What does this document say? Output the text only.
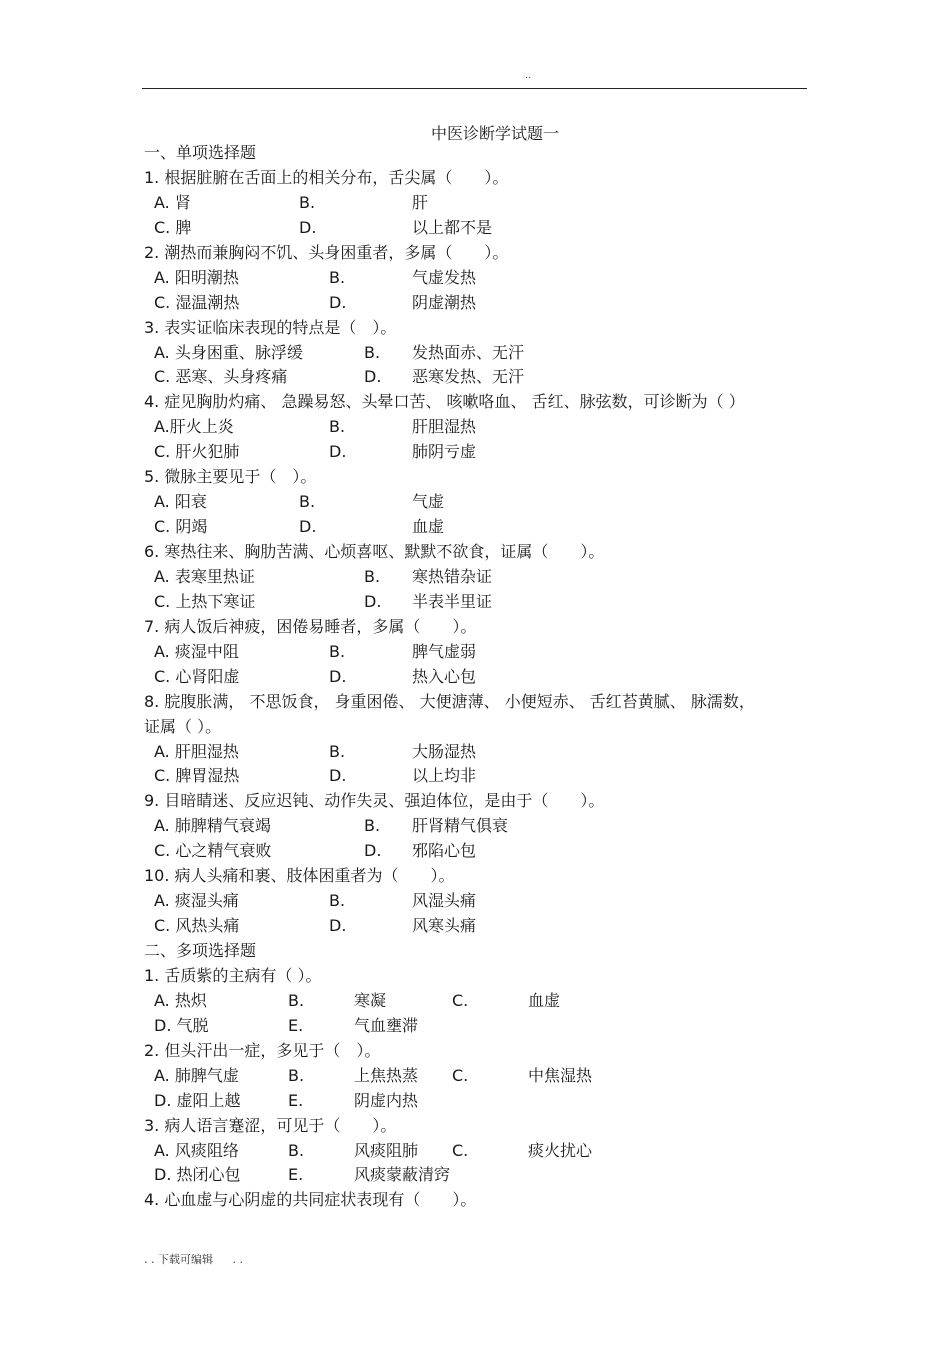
..
中医诊断学试题一
一、单项选择题
1. 根据脏腑在舌面上的相关分布，舌尖属（　　）。
A. 肾	B.	肝
C. 脾	D.	以上都不是
2. 潮热而兼胸闷不饥、头身困重者，多属（　　）。
A. 阳明潮热	B.	气虚发热
C. 湿温潮热	D.	阴虚潮热
3. 表实证临床表现的特点是（　）。
A. 头身困重、脉浮缓	B. 发热面赤、无汗
C. 恶寒、头身疼痛	D. 恶寒发热、无汗
4. 症见胸肋灼痛、 急躁易怒、头晕口苦、 咳嗽咯血、 舌红、脉弦数，可诊断为（ ）
A.肝火上炎	B.	肝胆湿热
C. 肝火犯肺	D.	肺阴亏虚
5. 微脉主要见于（　）。
A. 阳衰	B.	气虚
C. 阴竭	D.	血虚
6. 寒热往来、胸肋苦满、心烦喜呕、默默不欲食，证属（　　）。
A. 表寒里热证	B. 寒热错杂证
C. 上热下寒证	D. 半表半里证
7. 病人饭后神疲，困倦易睡者，多属（　　）。
A. 痰湿中阻	B.	脾气虚弱
C. 心肾阳虚	D.	热入心包
8. 脘腹胀满， 不思饭食， 身重困倦、 大便溏薄、 小便短赤、 舌红苔黄腻、 脉濡数，
证属（ ）。
A. 肝胆湿热	B.	大肠湿热
C. 脾胃湿热	D.	以上均非
9. 目暗睛迷、反应迟钝、动作失灵、强迫体位，是由于（　　）。
A. 肺脾精气衰竭	B. 肝肾精气俱衰
C. 心之精气衰败	D. 邪陷心包
10. 病人头痛和裹、肢体困重者为（　　）。
A. 痰湿头痛	B.	风湿头痛
C. 风热头痛	D.	风寒头痛
二、多项选择题
1. 舌质紫的主病有（ ）。
A. 热炽	B.	寒凝	C.	血虚
D. 气脱	E.	气血壅滞
2. 但头汗出一症，多见于（　）。
A. 肺脾气虚	B.	上焦热蒸 C.	中焦湿热
D. 虚阳上越	E.	阴虚内热
3. 病人语言蹇涩，可见于（　　）。
A. 风痰阻络	B.	风痰阻肺 C.	痰火扰心
D. 热闭心包	E.	风痰蒙蔽清窍
4. 心血虚与心阴虚的共同症状表现有（　　）。
. . 下载可编辑 . .
